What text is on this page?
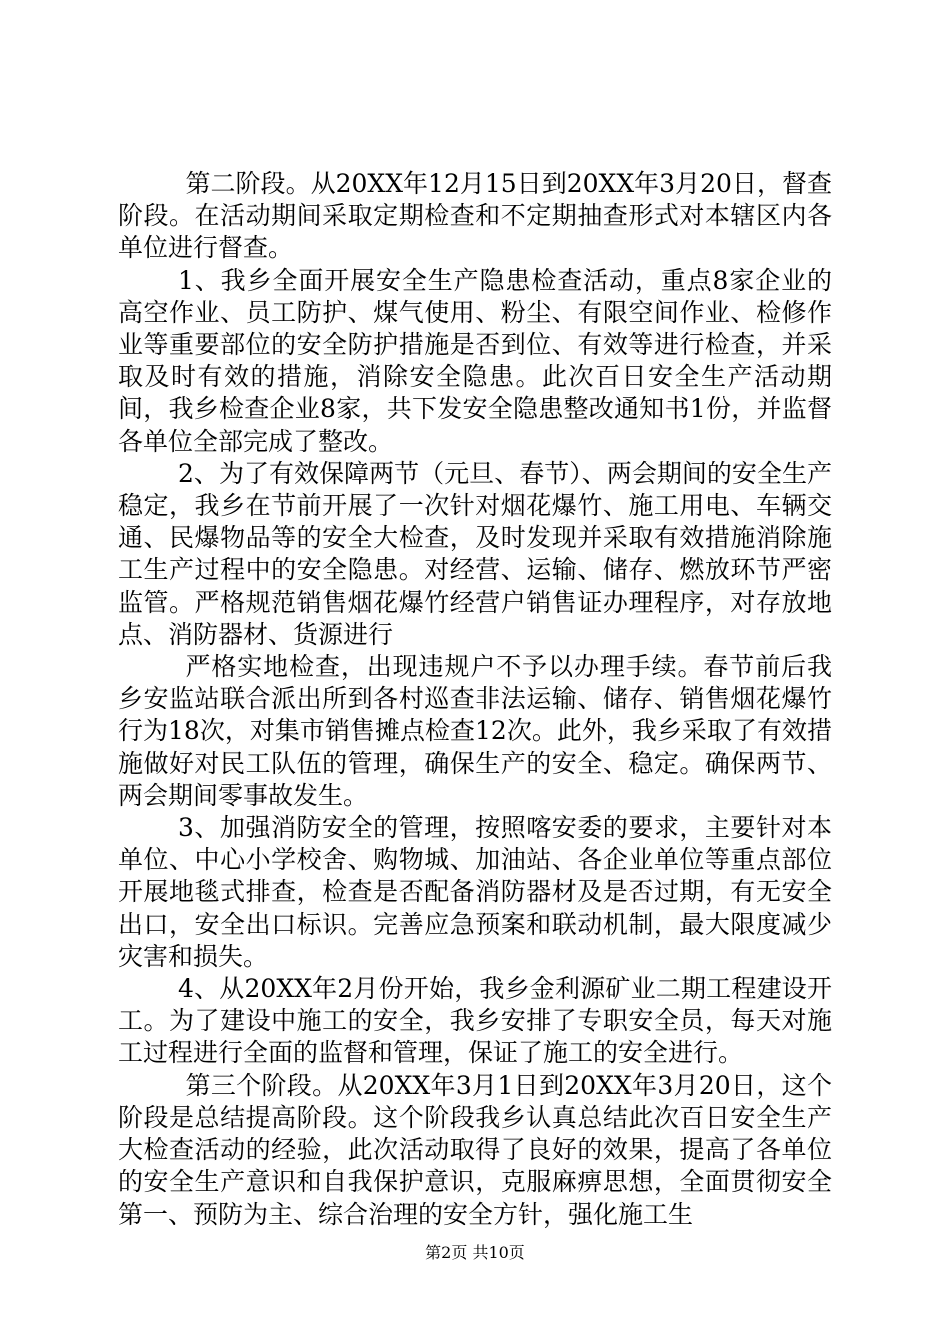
第二阶段。从20XX年12月15日到20XX年3月20日，督查阶段。在活动期间采取定期检查和不定期抽查形式对本辖区内各单位进行督查。

1、我乡全面开展安全生产隐患检查活动，重点8家企业的高空作业、员工防护、煤气使用、粉尘、有限空间作业、检修作业等重要部位的安全防护措施是否到位、有效等进行检查，并采取及时有效的措施，消除安全隐患。此次百日安全生产活动期间，我乡检查企业8家，共下发安全隐患整改通知书1份，并监督各单位全部完成了整改。

2、为了有效保障两节（元旦、春节）、两会期间的安全生产稳定，我乡在节前开展了一次针对烟花爆竹、施工用电、车辆交通、民爆物品等的安全大检查，及时发现并采取有效措施消除施工生产过程中的安全隐患。对经营、运输、储存、燃放环节严密监管。严格规范销售烟花爆竹经营户销售证办理程序，对存放地点、消防器材、货源进行

严格实地检查，出现违规户不予以办理手续。春节前后我乡安监站联合派出所到各村巡查非法运输、储存、销售烟花爆竹行为18次，对集市销售摊点检查12次。此外，我乡采取了有效措施做好对民工队伍的管理，确保生产的安全、稳定。确保两节、两会期间零事故发生。

3、加强消防安全的管理，按照喀安委的要求，主要针对本单位、中心小学校舍、购物城、加油站、各企业单位等重点部位开展地毯式排查，检查是否配备消防器材及是否过期，有无安全出口，安全出口标识。完善应急预案和联动机制，最大限度减少灾害和损失。

4、从20XX年2月份开始，我乡金利源矿业二期工程建设开工。为了建设中施工的安全，我乡安排了专职安全员，每天对施工过程进行全面的监督和管理，保证了施工的安全进行。

第三个阶段。从20XX年3月1日到20XX年3月20日，这个阶段是总结提高阶段。这个阶段我乡认真总结此次百日安全生产大检查活动的经验，此次活动取得了良好的效果，提高了各单位的安全生产意识和自我保护意识，克服麻痹思想，全面贯彻安全第一、预防为主、综合治理的安全方针，强化施工生

第2页 共10页
